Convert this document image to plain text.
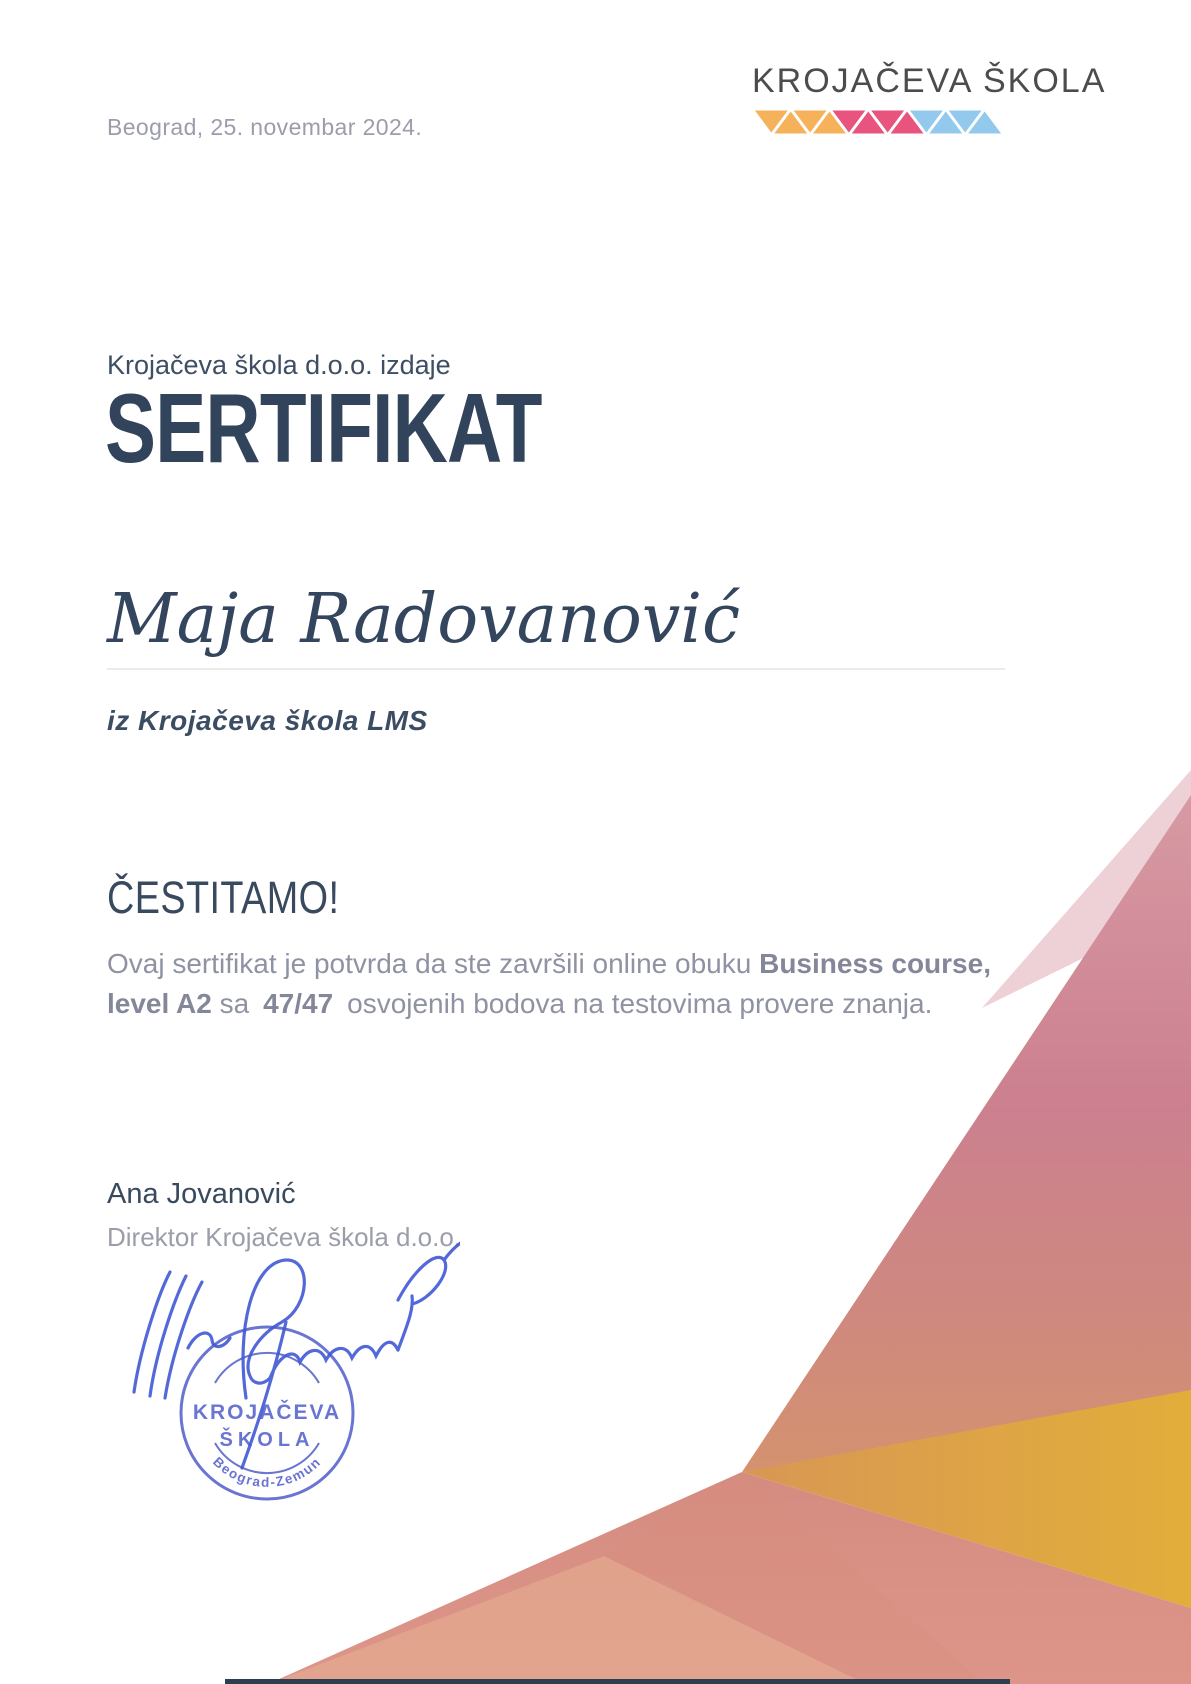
Beograd, 25. novembar 2024.
KROJAČEVA ŠKOLA
Krojačeva škola d.o.o. izdaje
SERTIFIKAT
Maja Radovanović
iz Krojačeva škola LMS
ČESTITAMO!
Ovaj sertifikat je potvrda da ste završili online obuku Business course,
level A2 sa 47/47 osvojenih bodova na testovima provere znanja.
Ana Jovanović
Direktor Krojačeva škola d.o.o.
KROJAČEVA
ŠKOLA
Beograd-Zemun
